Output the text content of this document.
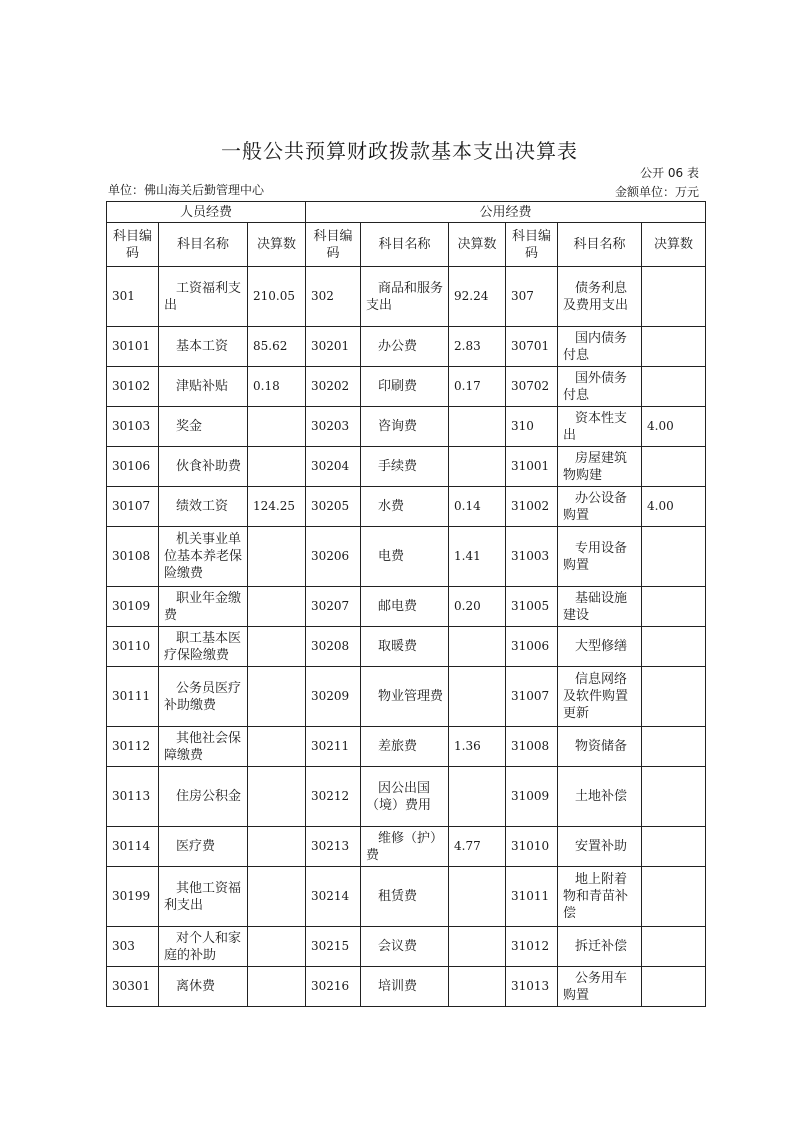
一般公共预算财政拨款基本支出决算表
公开 06 表
单位：佛山海关后勤管理中心	金额单位：万元
人员经费			公用经费					
科目编码	科目名称	决算数	科目编码	科目名称	决算数	科目编码	科目名称	决算数
301	工资福利支出	210.05	302	商品和服务支出	92.24	307	债务利息及费用支出	
30101	基本工资	85.62	30201	办公费	2.83	30701	国内债务付息	
30102	津贴补贴	0.18	30202	印刷费	0.17	30702	国外债务付息	
30103	奖金		30203	咨询费		310	资本性支出	4.00
30106	伙食补助费		30204	手续费		31001	房屋建筑物购建	
30107	绩效工资	124.25	30205	水费	0.14	31002	办公设备购置	4.00
30108	机关事业单位基本养老保险缴费		30206	电费	1.41	31003	专用设备购置	
30109	职业年金缴费		30207	邮电费	0.20	31005	基础设施建设	
30110	职工基本医疗保险缴费		30208	取暖费		31006	大型修缮	
30111	公务员医疗补助缴费		30209	物业管理费		31007	信息网络及软件购置更新	
30112	其他社会保障缴费		30211	差旅费	1.36	31008	物资储备	
30113	住房公积金		30212	因公出国（境）费用		31009	土地补偿	
30114	医疗费		30213	维修（护）费	4.77	31010	安置补助	
30199	其他工资福利支出		30214	租赁费		31011	地上附着物和青苗补偿	
303	对个人和家庭的补助		30215	会议费		31012	拆迁补偿	
30301	离休费		30216	培训费		31013	公务用车购置	
